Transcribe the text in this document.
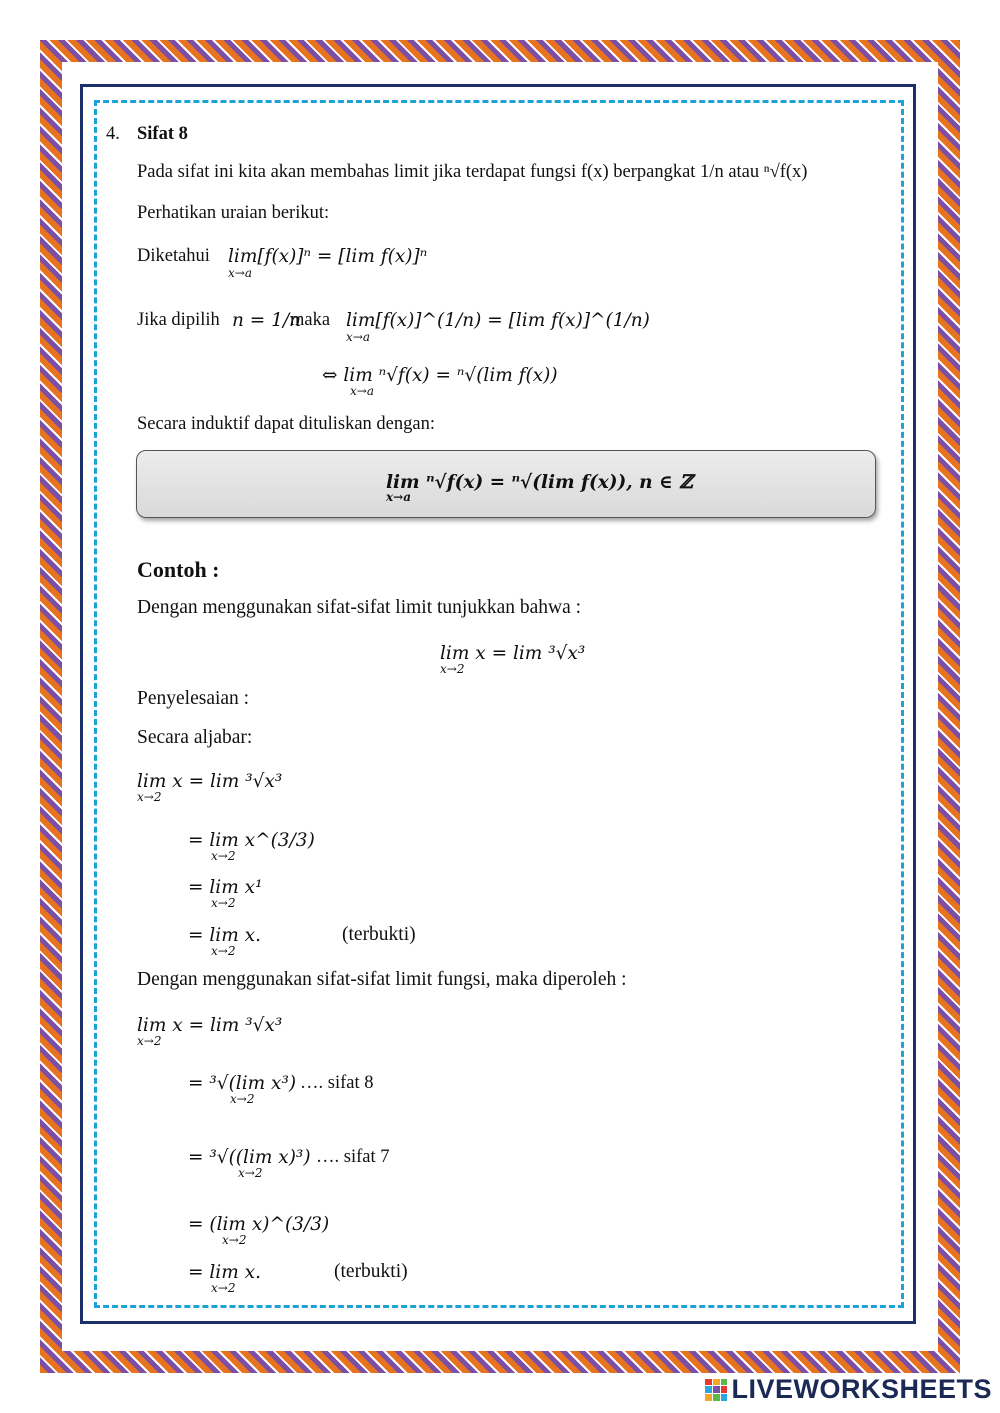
4. Sifat 8
Pada sifat ini kita akan membahas limit jika terdapat fungsi f(x) berpangkat 1/n atau ⁿ√f(x)
Perhatikan uraian berikut:
Diketahui lim[f(x)]ⁿ = [lim f(x)]ⁿ
x→a
Jika dipilih n = 1/n
maka lim[f(x)]^(1/n) = [lim f(x)]^(1/n)
x→a
⇔ lim ⁿ√f(x) = ⁿ√(lim f(x))
x→a
Secara induktif dapat dituliskan dengan:
lim ⁿ√f(x) = ⁿ√(lim f(x)), n ∈ ℤ
x→a
Contoh :
Dengan menggunakan sifat-sifat limit tunjukkan bahwa :
lim x = lim ³√x³
x→2
Penyelesaian :
Secara aljabar:
lim x = lim ³√x³
x→2
= lim x^(3/3)
x→2
= lim x¹
x→2
= lim x.
x→2
(terbukti)
Dengan menggunakan sifat-sifat limit fungsi, maka diperoleh :
lim x = lim ³√x³
x→2
= ³√(lim x³)
x→2
…. sifat 8
= ³√((lim x)³)
x→2
…. sifat 7
= (lim x)^(3/3)
x→2
= lim x.
x→2
(terbukti)
LIVEWORKSHEETS
